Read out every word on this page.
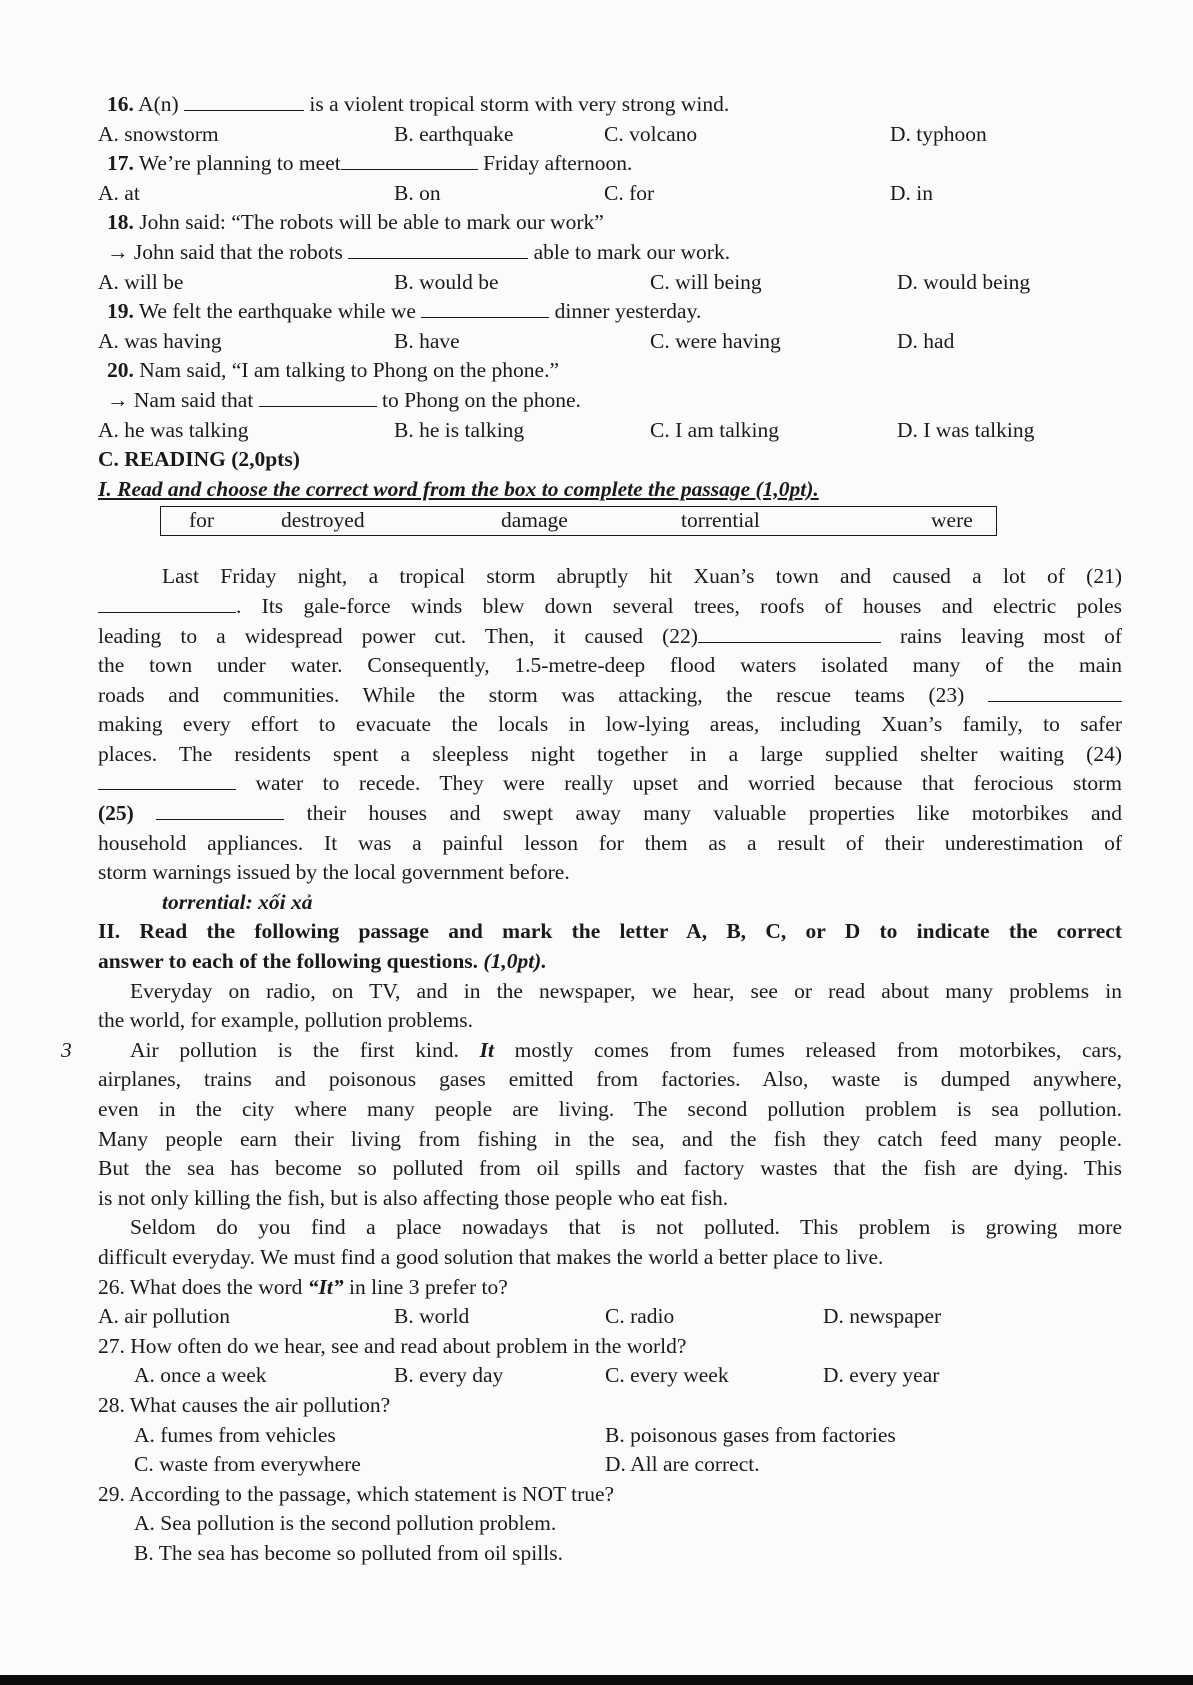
16. A(n)	is a violent tropical storm with very strong wind.
A. snowstorm	B. earthquake	C. volcano	D. typhoon
17. We’re planning to meet	Friday afternoon.
A. at	B. on	C. for	D. in
18. John said: “The robots will be able to mark our work”
→ John said that the robots	able to mark our work.
A. will be	B. would be	C. will being	D. would being
19. We felt the earthquake while we	dinner yesterday.
A. was having	B. have	C. were having	D. had
20. Nam said, “I am talking to Phong on the phone.”
→ Nam said that	to Phong on the phone.
A. he was talking	B. he is talking	C. I am talking	D. I was talking
C. READING (2,0pts)
I. Read and choose the correct word from the box to complete the passage (1,0pt).
for	destroyed	damage	torrential	were
Last Friday night, a tropical storm abruptly hit Xuan’s town and caused a lot of (21)
. Its gale-force winds blew down several trees, roofs of houses and electric poles
leading to a widespread power cut. Then, it caused (22)	rains leaving most of
the town under water. Consequently, 1.5-metre-deep flood waters isolated many of the main
roads and communities. While the storm was attacking, the rescue teams (23)
making every effort to evacuate the locals in low-lying areas, including Xuan’s family, to safer
places. The residents spent a sleepless night together in a large supplied shelter waiting (24)
water to recede. They were really upset and worried because that ferocious storm
(25)	their houses and swept away many valuable properties like motorbikes and
household appliances. It was a painful lesson for them as a result of their underestimation of
storm warnings issued by the local government before.
torrential: xối xả
II. Read the following passage and mark the letter A, B, C, or D to indicate the correct
answer to each of the following questions. (1,0pt).
Everyday on radio, on TV, and in the newspaper, we hear, see or read about many problems in
the world, for example, pollution problems.
3	Air pollution is the first kind. It mostly comes from fumes released from motorbikes, cars,
airplanes, trains and poisonous gases emitted from factories. Also, waste is dumped anywhere,
even in the city where many people are living. The second pollution problem is sea pollution.
Many people earn their living from fishing in the sea, and the fish they catch feed many people.
But the sea has become so polluted from oil spills and factory wastes that the fish are dying. This
is not only killing the fish, but is also affecting those people who eat fish.
Seldom do you find a place nowadays that is not polluted. This problem is growing more
difficult everyday. We must find a good solution that makes the world a better place to live.
26. What does the word “It” in line 3 prefer to?
A. air pollution	B. world	C. radio	D. newspaper
27. How often do we hear, see and read about problem in the world?
A. once a week	B. every day	C. every week	D. every year
28. What causes the air pollution?
A. fumes from vehicles	B. poisonous gases from factories
C. waste from everywhere	D. All are correct.
29. According to the passage, which statement is NOT true?
A. Sea pollution is the second pollution problem.
B. The sea has become so polluted from oil spills.
